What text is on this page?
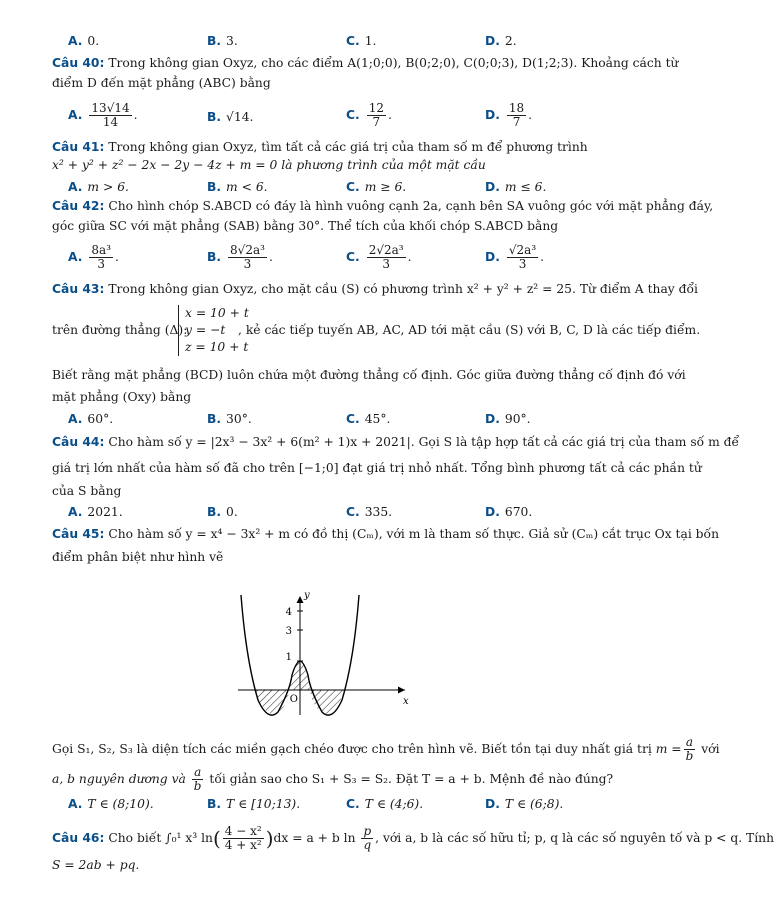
A. 0.	B. 3.	C. 1.	D. 2.
Câu 40: Trong không gian Oxyz, cho các điểm A(1;0;0), B(0;2;0), C(0;0;3), D(1;2;3). Khoảng cách từ
điểm D đến mặt phẳng (ABC) bằng
A. $\frac{13√14}{14}$ .	B. √14.	C. $\frac{12}{7}$ .	D. $\frac{18}{7}$ .
Câu 41: Trong không gian Oxyz, tìm tất cả các giá trị của tham số m để phương trình
x² + y² + z² − 2x − 2y − 4z + m = 0 là phương trình của một mặt cầu
A. m > 6.	B. m < 6.	C. m ≥ 6.	D. m ≤ 6.
Câu 42: Cho hình chóp S.ABCD có đáy là hình vuông cạnh 2a, cạnh bên SA vuông góc với mặt phẳng đáy,
góc giữa SC với mặt phẳng (SAB) bằng 30°. Thể tích của khối chóp S.ABCD bằng
A. $\frac{\text{8a³}}{3}$ .	B. $\frac{\text{8√2a³}}{3}$ .	C. $\frac{\text{2√2a³}}{3}$ .	D. $\frac{\text{√2a³}}{3}$ .
Câu 43: Trong không gian Oxyz, cho mặt cầu (S) có phương trình x² + y² + z² = 25. Từ điểm A thay đổi
trên đường thẳng (Δ):
x = 10 + t
y = −t
z = 10 + t
, kẻ các tiếp tuyến AB, AC, AD tới mặt cầu (S) với B, C, D là các tiếp điểm.
Biết rằng mặt phẳng (BCD) luôn chứa một đường thẳng cố định. Góc giữa đường thẳng cố định đó với
mặt phẳng (Oxy) bằng
A. 60°.	B. 30°.	C. 45°.	D. 90°.
Câu 44: Cho hàm số y = |2x³ − 3x² + 6(m² + 1)x + 2021|. Gọi S là tập hợp tất cả các giá trị của tham số m để
giá trị lớn nhất của hàm số đã cho trên [−1;0] đạt giá trị nhỏ nhất. Tổng bình phương tất cả các phần tử
của S bằng
A. 2021.	B. 0.	C. 335.	D. 670.
Câu 45: Cho hàm số y = x⁴ − 3x² + m có đồ thị (Cₘ), với m là tham số thực. Giả sử (Cₘ) cắt trục Ox tại bốn
điểm phân biệt như hình vẽ
y
x
O
4
3
1
Gọi S₁, S₂, S₃ là diện tích các miền gạch chéo được cho trên hình vẽ. Biết tồn tại duy nhất giá trị $m = \frac{a}{b}$ với
a, b nguyên dương và $\frac{a}{b}$ tối giản sao cho S₁ + S₃ = S₂. Đặt T = a + b. Mệnh đề nào đúng?
A. T ∈ (8;10).	B. T ∈ [10;13).	C. T ∈ (4;6).	D. T ∈ (6;8).
Câu 46: Cho biết ∫₀¹ x³ $\ln( \frac{\text{4 − x²}}{\text{4 + x²}} )dx = a + b$ $\ln \frac{p}{q}$ , với a, b là các số hữu tỉ; p, q là các số nguyên tố và p < q. Tính
S = 2ab + pq.
